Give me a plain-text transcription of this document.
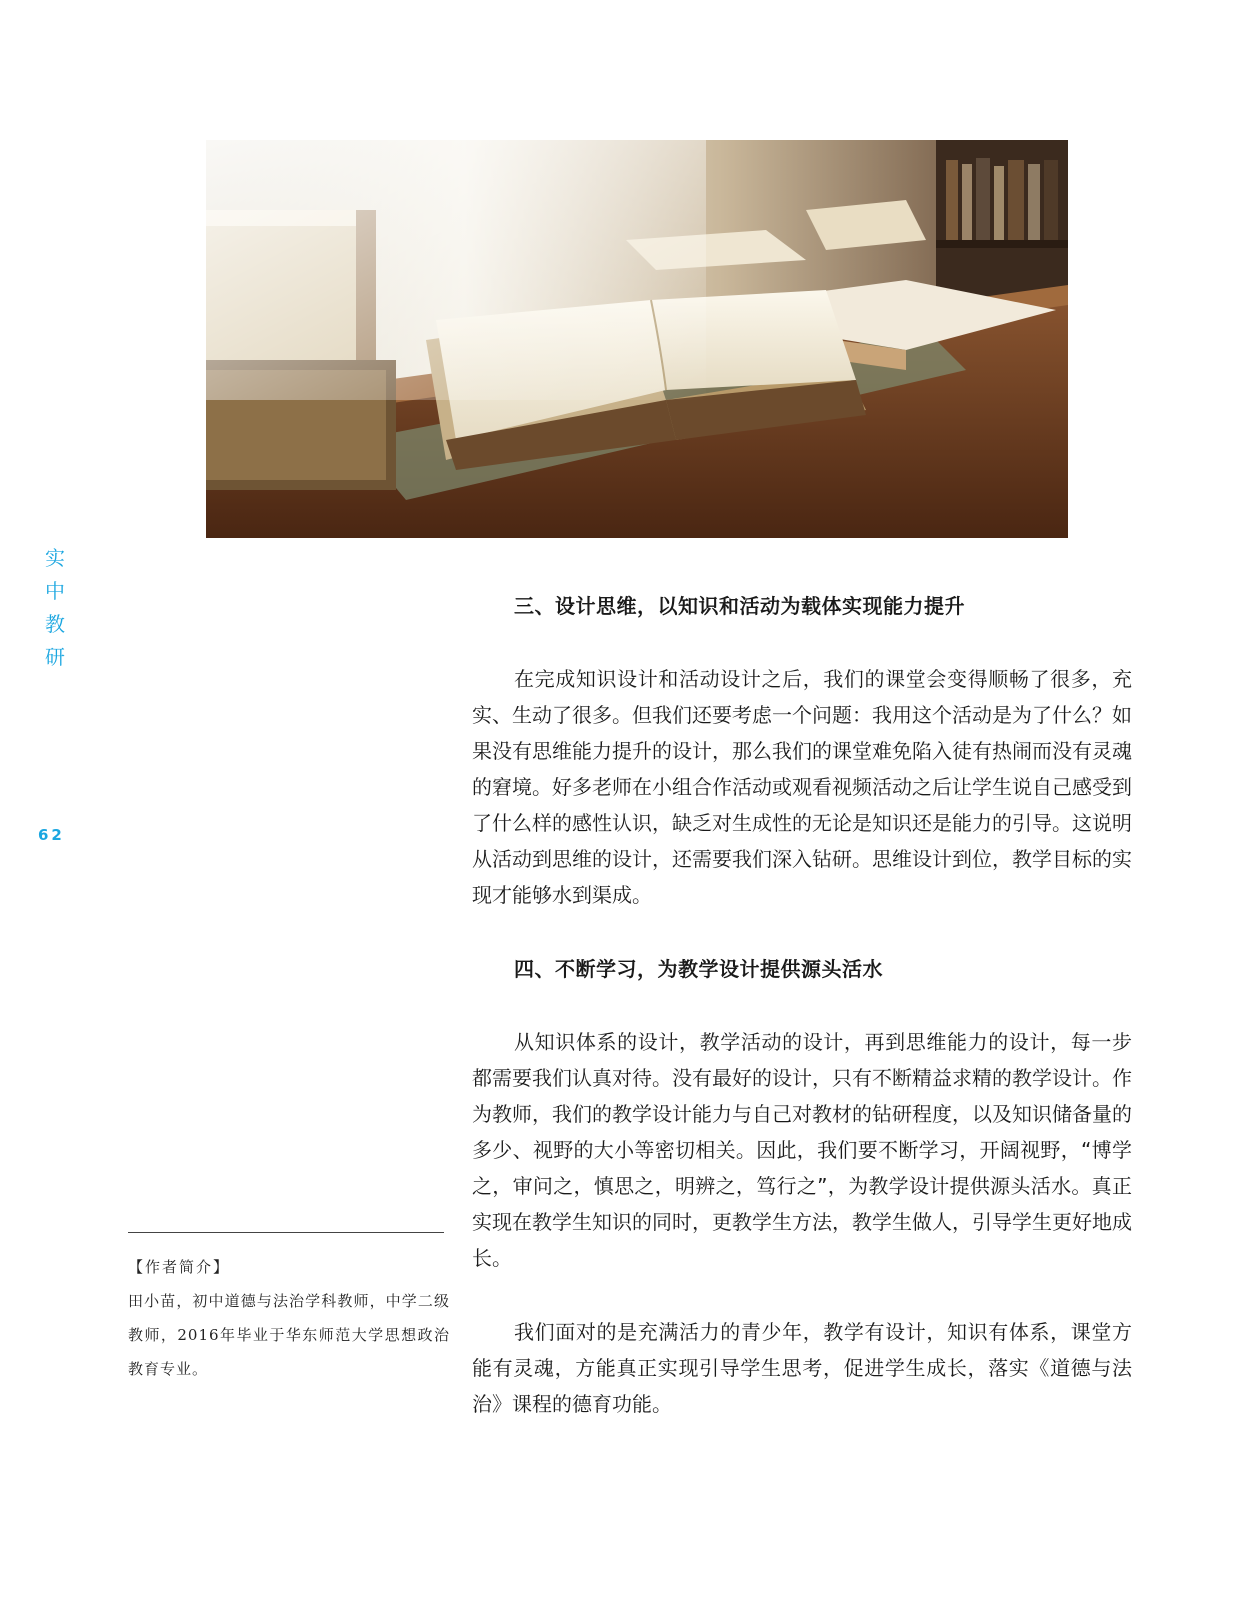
实
中
教
研
62
【作者简介】
田小苗，初中道德与法治学科教师，中学二级教师，2016年毕业于华东师范大学思想政治教育专业。

三、设计思维，以知识和活动为载体实现能力提升

在完成知识设计和活动设计之后，我们的课堂会变得顺畅了很多，充实、生动了很多。但我们还要考虑一个问题：我用这个活动是为了什么？如果没有思维能力提升的设计，那么我们的课堂难免陷入徒有热闹而没有灵魂的窘境。好多老师在小组合作活动或观看视频活动之后让学生说自己感受到了什么样的感性认识，缺乏对生成性的无论是知识还是能力的引导。这说明从活动到思维的设计，还需要我们深入钻研。思维设计到位，教学目标的实现才能够水到渠成。

四、不断学习，为教学设计提供源头活水

从知识体系的设计，教学活动的设计，再到思维能力的设计，每一步都需要我们认真对待。没有最好的设计，只有不断精益求精的教学设计。作为教师，我们的教学设计能力与自己对教材的钻研程度，以及知识储备量的多少、视野的大小等密切相关。因此，我们要不断学习，开阔视野，“博学之，审问之，慎思之，明辨之，笃行之”，为教学设计提供源头活水。真正实现在教学生知识的同时，更教学生方法，教学生做人，引导学生更好地成长。

我们面对的是充满活力的青少年，教学有设计，知识有体系，课堂方能有灵魂，方能真正实现引导学生思考，促进学生成长，落实《道德与法治》课程的德育功能。
